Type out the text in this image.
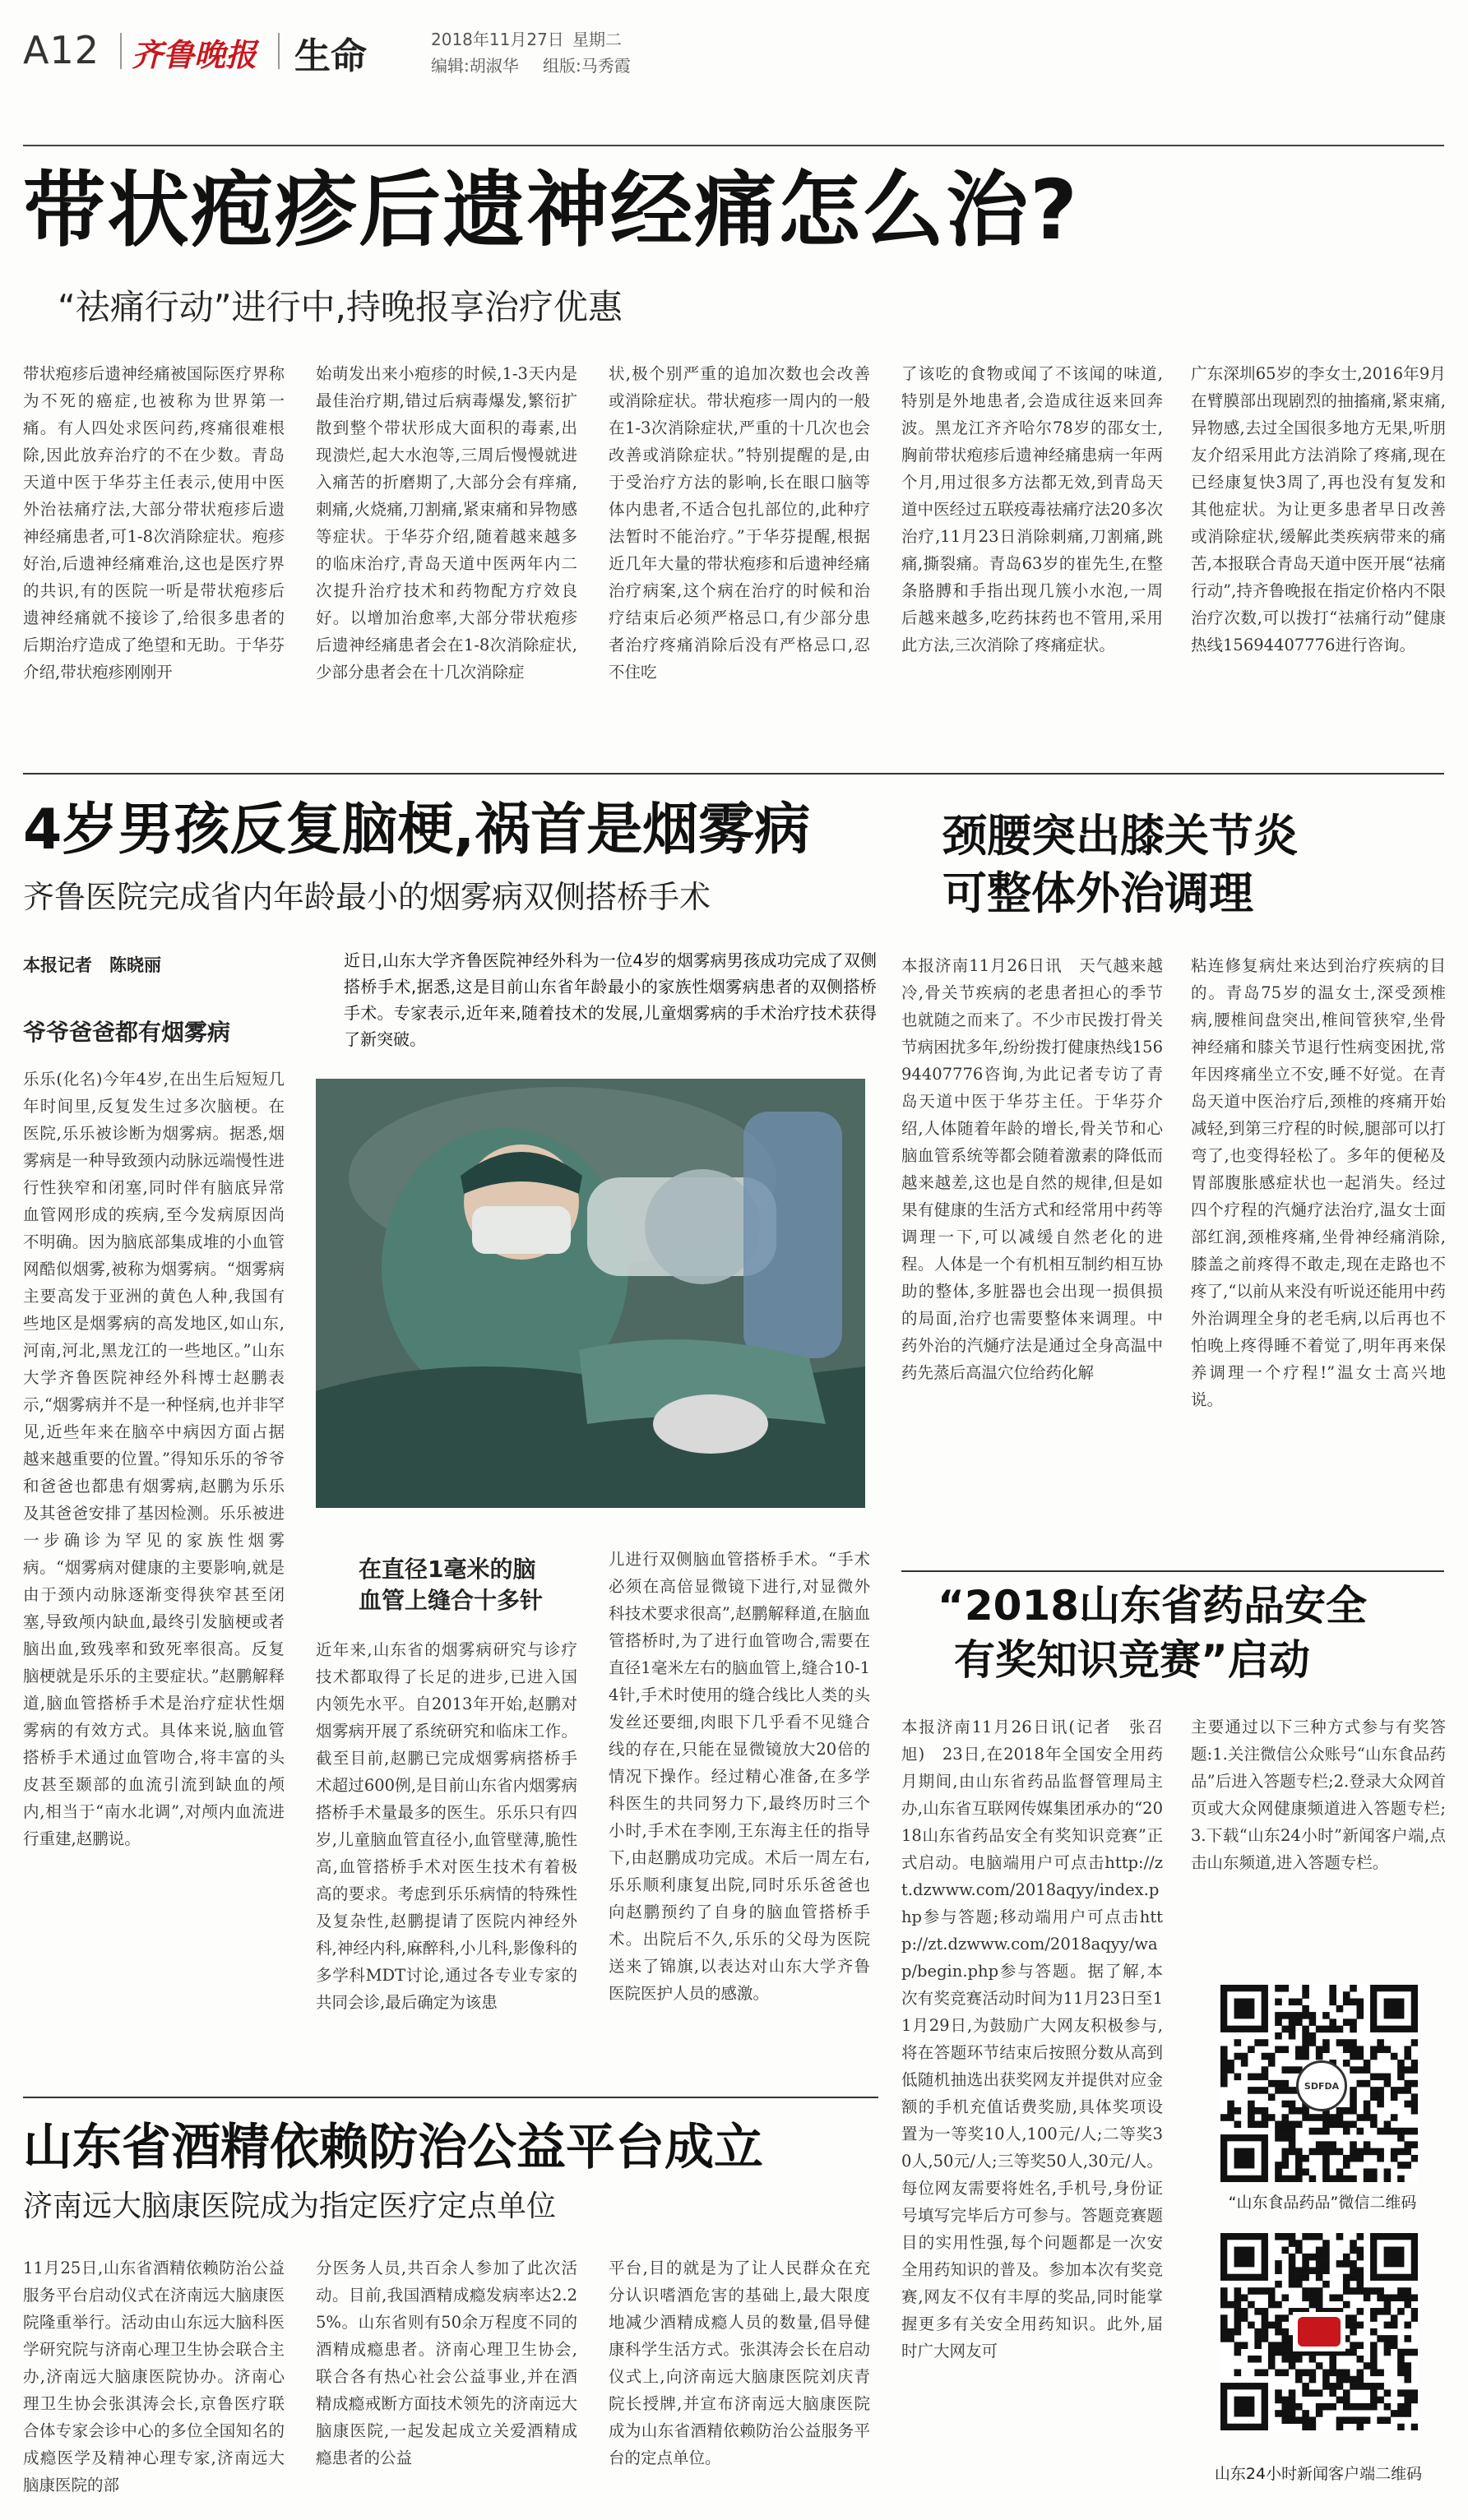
A12 齐鲁晚报 生命	2018年11月27日 星期二
编辑:胡淑华 组版:马秀霞
带状疱疹后遗神经痛怎么治?
“祛痛行动”进行中,持晚报享治疗优惠
带状疱疹后遗神经痛被国际医疗界称为不死的癌症,也被称为世界第一痛。有人四处求医问药,疼痛很难根除,因此放弃治疗的不在少数。青岛天道中医于华芬主任表示,使用中医外治祛痛疗法,大部分带状疱疹后遗神经痛患者,可1-8次消除症状。疱疹好治,后遗神经痛难治,这也是医疗界的共识,有的医院一听是带状疱疹后遗神经痛就不接诊了,给很多患者的后期治疗造成了绝望和无助。于华芬介绍,带状疱疹刚刚开
始萌发出来小疱疹的时候,1-3天内是最佳治疗期,错过后病毒爆发,繁衍扩散到整个带状形成大面积的毒素,出现溃烂,起大水泡等,三周后慢慢就进入痛苦的折磨期了,大部分会有痒痛,刺痛,火烧痛,刀割痛,紧束痛和异物感等症状。于华芬介绍,随着越来越多的临床治疗,青岛天道中医两年内二次提升治疗技术和药物配方疗效良好。以增加治愈率,大部分带状疱疹后遗神经痛患者会在1-8次消除症状,少部分患者会在十几次消除症
状,极个别严重的追加次数也会改善或消除症状。带状疱疹一周内的一般在1-3次消除症状,严重的十几次也会改善或消除症状。”特别提醒的是,由于受治疗方法的影响,长在眼口脑等体内患者,不适合包扎部位的,此种疗法暂时不能治疗。”于华芬提醒,根据近几年大量的带状疱疹和后遗神经痛治疗病案,这个病在治疗的时候和治疗结束后必须严格忌口,有少部分患者治疗疼痛消除后没有严格忌口,忍不住吃
了该吃的食物或闻了不该闻的味道,特别是外地患者,会造成往返来回奔波。黑龙江齐齐哈尔78岁的邵女士,胸前带状疱疹后遗神经痛患病一年两个月,用过很多方法都无效,到青岛天道中医经过五联疫毒祛痛疗法20多次治疗,11月23日消除刺痛,刀割痛,跳痛,撕裂痛。青岛63岁的崔先生,在整条胳膊和手指出现几簇小水泡,一周后越来越多,吃药抹药也不管用,采用此方法,三次消除了疼痛症状。
广东深圳65岁的李女士,2016年9月在臂膜部出现剧烈的抽搐痛,紧束痛,异物感,去过全国很多地方无果,听朋友介绍采用此方法消除了疼痛,现在已经康复快3周了,再也没有复发和其他症状。为让更多患者早日改善或消除症状,缓解此类疾病带来的痛苦,本报联合青岛天道中医开展“祛痛行动”,持齐鲁晚报在指定价格内不限治疗次数,可以拨打“祛痛行动”健康热线15694407776进行咨询。
4岁男孩反复脑梗,祸首是烟雾病
齐鲁医院完成省内年龄最小的烟雾病双侧搭桥手术
本报记者　陈晓丽
爷爷爸爸都有烟雾病
近日,山东大学齐鲁医院神经外科为一位4岁的烟雾病男孩成功完成了双侧搭桥手术,据悉,这是目前山东省年龄最小的家族性烟雾病患者的双侧搭桥手术。专家表示,近年来,随着技术的发展,儿童烟雾病的手术治疗技术获得了新突破。
在直径1毫米的脑血管上缝合十多针
乐乐(化名)今年4岁,在出生后短短几年时间里,反复发生过多次脑梗。在医院,乐乐被诊断为烟雾病。据悉,烟雾病是一种导致颈内动脉远端慢性进行性狭窄和闭塞,同时伴有脑底异常血管网形成的疾病,至今发病原因尚不明确。因为脑底部集成堆的小血管网酷似烟雾,被称为烟雾病。“烟雾病主要高发于亚洲的黄色人种,我国有些地区是烟雾病的高发地区,如山东,河南,河北,黑龙江的一些地区。”山东大学齐鲁医院神经外科博士赵鹏表示,“烟雾病并不是一种怪病,也并非罕见,近些年来在脑卒中病因方面占据越来越重要的位置。”得知乐乐的爷爷和爸爸也都患有烟雾病,赵鹏为乐乐及其爸爸安排了基因检测。乐乐被进一步确诊为罕见的家族性烟雾病。“烟雾病对健康的主要影响,就是由于颈内动脉逐渐变得狭窄甚至闭塞,导致颅内缺血,最终引发脑梗或者脑出血,致残率和致死率很高。反复脑梗就是乐乐的主要症状。”赵鹏解释道,脑血管搭桥手术是治疗症状性烟雾病的有效方式。具体来说,脑血管搭桥手术通过血管吻合,将丰富的头皮甚至颞部的血流引流到缺血的颅内,相当于“南水北调”,对颅内血流进行重建,赵鹏说。
近年来,山东省的烟雾病研究与诊疗技术都取得了长足的进步,已进入国内领先水平。自2013年开始,赵鹏对烟雾病开展了系统研究和临床工作。截至目前,赵鹏已完成烟雾病搭桥手术超过600例,是目前山东省内烟雾病搭桥手术量最多的医生。乐乐只有四岁,儿童脑血管直径小,血管壁薄,脆性高,血管搭桥手术对医生技术有着极高的要求。考虑到乐乐病情的特殊性及复杂性,赵鹏提请了医院内神经外科,神经内科,麻醉科,小儿科,影像科的多学科MDT讨论,通过各专业专家的共同会诊,最后确定为该患
儿进行双侧脑血管搭桥手术。“手术必须在高倍显微镜下进行,对显微外科技术要求很高”,赵鹏解释道,在脑血管搭桥时,为了进行血管吻合,需要在直径1毫米左右的脑血管上,缝合10-14针,手术时使用的缝合线比人类的头发丝还要细,肉眼下几乎看不见缝合线的存在,只能在显微镜放大20倍的情况下操作。经过精心准备,在多学科医生的共同努力下,最终历时三个小时,手术在李刚,王东海主任的指导下,由赵鹏成功完成。术后一周左右,乐乐顺利康复出院,同时乐乐爸爸也向赵鹏预约了自身的脑血管搭桥手术。出院后不久,乐乐的父母为医院送来了锦旗,以表达对山东大学齐鲁医院医护人员的感激。
颈腰突出膝关节炎
可整体外治调理
本报济南11月26日讯　天气越来越冷,骨关节疾病的老患者担心的季节也就随之而来了。不少市民拨打骨关节病困扰多年,纷纷拨打健康热线15694407776咨询,为此记者专访了青岛天道中医于华芬主任。于华芬介绍,人体随着年龄的增长,骨关节和心脑血管系统等都会随着激素的降低而越来越差,这也是自然的规律,但是如果有健康的生活方式和经常用中药等调理一下,可以减缓自然老化的进程。人体是一个有机相互制约相互协助的整体,多脏器也会出现一损俱损的局面,治疗也需要整体来调理。中药外治的汽熥疗法是通过全身高温中药先蒸后高温穴位给药化解
粘连修复病灶来达到治疗疾病的目的。青岛75岁的温女士,深受颈椎病,腰椎间盘突出,椎间管狭窄,坐骨神经痛和膝关节退行性病变困扰,常年因疼痛坐立不安,睡不好觉。在青岛天道中医治疗后,颈椎的疼痛开始减轻,到第三疗程的时候,腿部可以打弯了,也变得轻松了。多年的便秘及胃部腹胀感症状也一起消失。经过四个疗程的汽熥疗法治疗,温女士面部红润,颈椎疼痛,坐骨神经痛消除,膝盖之前疼得不敢走,现在走路也不疼了,“以前从来没有听说还能用中药外治调理全身的老毛病,以后再也不怕晚上疼得睡不着觉了,明年再来保养调理一个疗程!”温女士高兴地说。
“2018山东省药品安全
有奖知识竞赛”启动
本报济南11月26日讯(记者　张召旭)　23日,在2018年全国安全用药月期间,由山东省药品监督管理局主办,山东省互联网传媒集团承办的“2018山东省药品安全有奖知识竞赛”正式启动。电脑端用户可点击http://zt.dzwww.com/2018aqyy/index.php参与答题;移动端用户可点击http://zt.dzwww.com/2018aqyy/wap/begin.php参与答题。据了解,本次有奖竞赛活动时间为11月23日至11月29日,为鼓励广大网友积极参与,将在答题环节结束后按照分数从高到低随机抽选出获奖网友并提供对应金额的手机充值话费奖励,具体奖项设置为一等奖10人,100元/人;二等奖30人,50元/人;三等奖50人,30元/人。每位网友需要将姓名,手机号,身份证号填写完毕后方可参与。答题竞赛题目的实用性强,每个问题都是一次安全用药知识的普及。参加本次有奖竞赛,网友不仅有丰厚的奖品,同时能掌握更多有关安全用药知识。此外,届时广大网友可
主要通过以下三种方式参与有奖答题:1.关注微信公众账号“山东食品药品”后进入答题专栏;2.登录大众网首页或大众网健康频道进入答题专栏;3.下载“山东24小时”新闻客户端,点击山东频道,进入答题专栏。
SDFDA
“山东食品药品”微信二维码
山东24小时新闻客户端二维码
山东省酒精依赖防治公益平台成立
济南远大脑康医院成为指定医疗定点单位
11月25日,山东省酒精依赖防治公益服务平台启动仪式在济南远大脑康医院隆重举行。活动由山东远大脑科医学研究院与济南心理卫生协会联合主办,济南远大脑康医院协办。济南心理卫生协会张淇涛会长,京鲁医疗联合体专家会诊中心的多位全国知名的成瘾医学及精神心理专家,济南远大脑康医院的部
分医务人员,共百余人参加了此次活动。目前,我国酒精成瘾发病率达2.25%。山东省则有50余万程度不同的酒精成瘾患者。济南心理卫生协会,联合各有热心社会公益事业,并在酒精成瘾戒断方面技术领先的济南远大脑康医院,一起发起成立关爱酒精成瘾患者的公益
平台,目的就是为了让人民群众在充分认识嗜酒危害的基础上,最大限度地减少酒精成瘾人员的数量,倡导健康科学生活方式。张淇涛会长在启动仪式上,向济南远大脑康医院刘庆青院长授牌,并宣布济南远大脑康医院成为山东省酒精依赖防治公益服务平台的定点单位。
